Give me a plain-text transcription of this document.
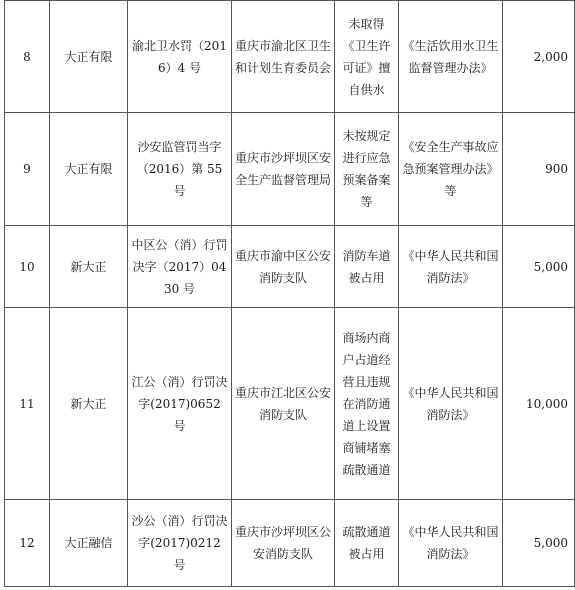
8	大正有限	渝北卫水罚（2016）4 号	重庆市渝北区卫生和计划生育委员会	未取得《卫生许可证》擅自供水	《生活饮用水卫生监督管理办法》	2,000
9	大正有限	沙安监管罚当字（2016）第 55 号	重庆市沙坪坝区安全生产监督管理局	未按规定进行应急预案备案等	《安全生产事故应急预案管理办法》等	900
10	新大正	中区公（消）行罚决字（2017）0430 号	重庆市渝中区公安消防支队	消防车道被占用	《中华人民共和国消防法》	5,000
11	新大正	江公（消）行罚决字(2017)0652 号	重庆市江北区公安消防支队	商场内商户占道经营且违规在消防通道上设置商铺堵塞疏散通道	《中华人民共和国消防法》	10,000
12	大正融信	沙公（消）行罚决字(2017)0212 号	重庆市沙坪坝区公安消防支队	疏散通道被占用	《中华人民共和国消防法》	5,000
